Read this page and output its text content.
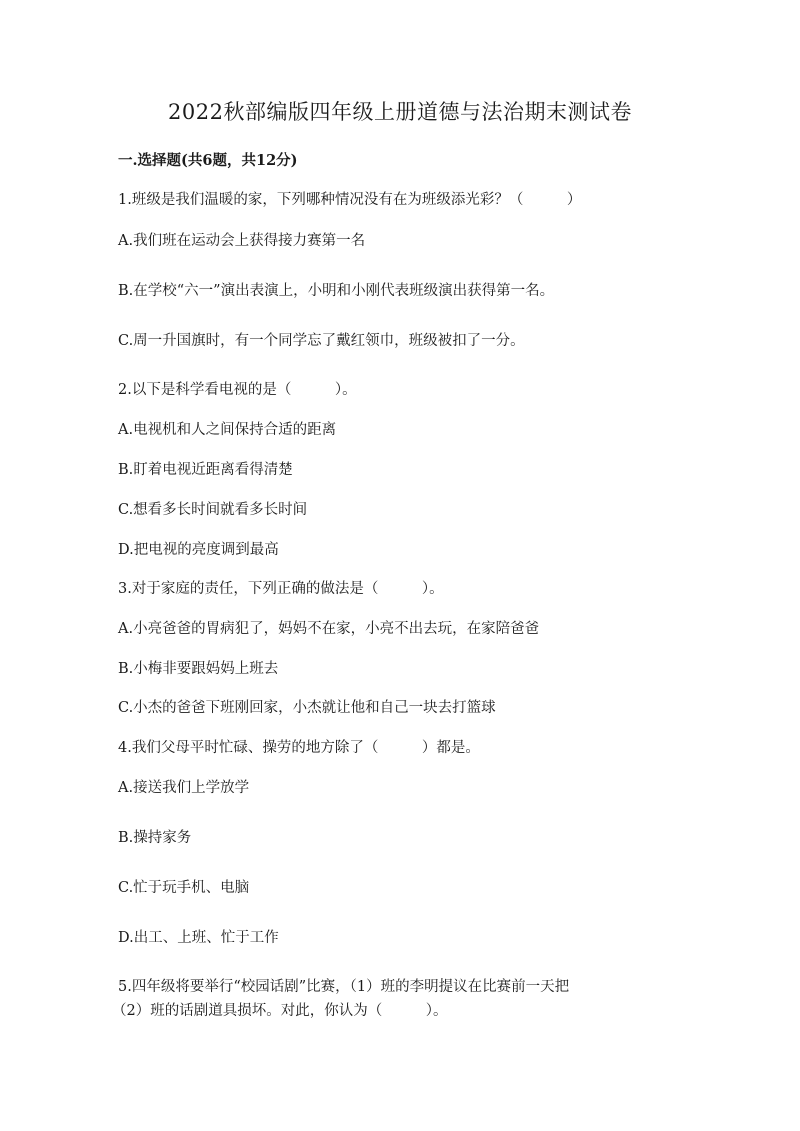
2022秋部编版四年级上册道德与法治期末测试卷
一.选择题(共6题，共12分)
1.班级是我们温暖的家，下列哪种情况没有在为班级添光彩？（　　　）
A.我们班在运动会上获得接力赛第一名
B.在学校“六一”演出表演上，小明和小刚代表班级演出获得第一名。
C.周一升国旗时，有一个同学忘了戴红领巾，班级被扣了一分。
2.以下是科学看电视的是（　　　）。
A.电视机和人之间保持合适的距离
B.盯着电视近距离看得清楚
C.想看多长时间就看多长时间
D.把电视的亮度调到最高
3.对于家庭的责任，下列正确的做法是（　　　）。
A.小亮爸爸的胃病犯了，妈妈不在家，小亮不出去玩，在家陪爸爸
B.小梅非要跟妈妈上班去
C.小杰的爸爸下班刚回家，小杰就让他和自己一块去打篮球
4.我们父母平时忙碌、操劳的地方除了（　　　）都是。
A.接送我们上学放学
B.操持家务
C.忙于玩手机、电脑
D.出工、上班、忙于工作
5.四年级将要举行“校园话剧”比赛，（1）班的李明提议在比赛前一天把
（2）班的话剧道具损坏。对此，你认为（　　　）。
